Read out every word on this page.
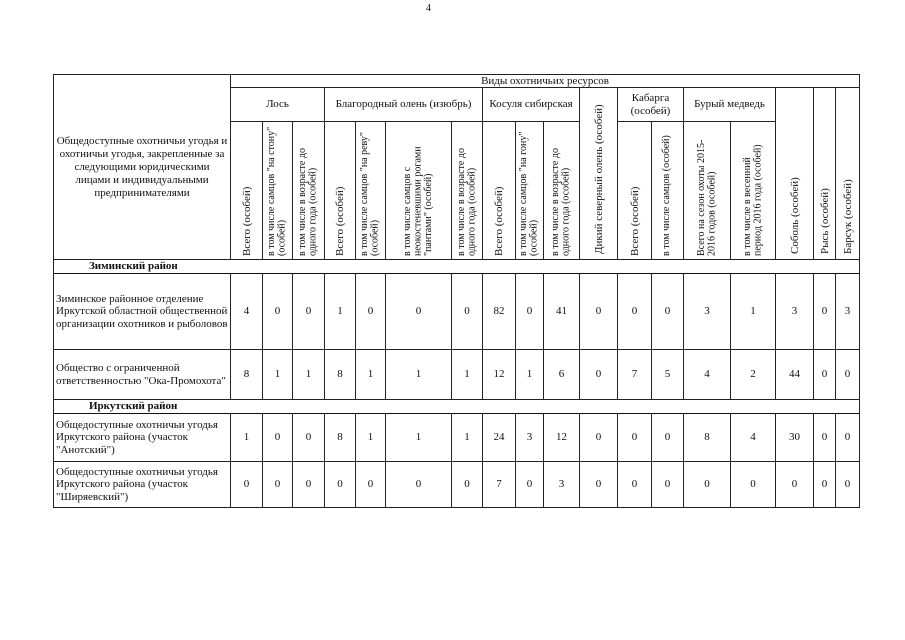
4
Общедоступные охотничьи угодья и охотничьи угодья, закрепленные за следующими юридическими лицами и индивидуальными предпринимателями	Виды охотничьих ресурсов																	
	Лось			Благородный олень (изюбрь)				Косуля сибирская			Дикий северный олень (особей)	Кабарга (особей)		Бурый медведь		Соболь (особей)	Рысь (особей)	Барсук (особей)

	Всего (особей)	в том числе самцов "на стону" (особей)	в том числе в возрасте до одного года (особей)	Всего (особей)	в том числе самцов "на реву" (особей)	в том числе самцов с неокостеневшими рогами "пантами" (особей)	в том числе в возрасте до одного года (особей)	Всего (особей)	в том числе самцов "на гону" (особей)	в том числе в возрасте до одного года (особей)		Всего (особей)	в том числе самцов (особей)	Всего на сезон охоты 2015-2016 годов (особей)	в том числе в весенний период 2016 года (особей)			

Зиминский район																		
Зиминское районное отделение Иркутской областной общественной организации охотников и рыболовов	4	0	0	1	0	0	0	82	0	41	0	0	0	3	1	3	0	3
Общество с ограниченной ответственностью "Ока-Промохота"	8	1	1	8	1	1	1	12	1	6	0	7	5	4	2	44	0	0
Иркутский район																		
Общедоступные охотничьи угодья Иркутского района (участок "Анотский")	1	0	0	8	1	1	1	24	3	12	0	0	0	8	4	30	0	0
Общедоступные охотничьи угодья Иркутского района (участок "Ширяевский")	0	0	0	0	0	0	0	7	0	3	0	0	0	0	0	0	0	0
